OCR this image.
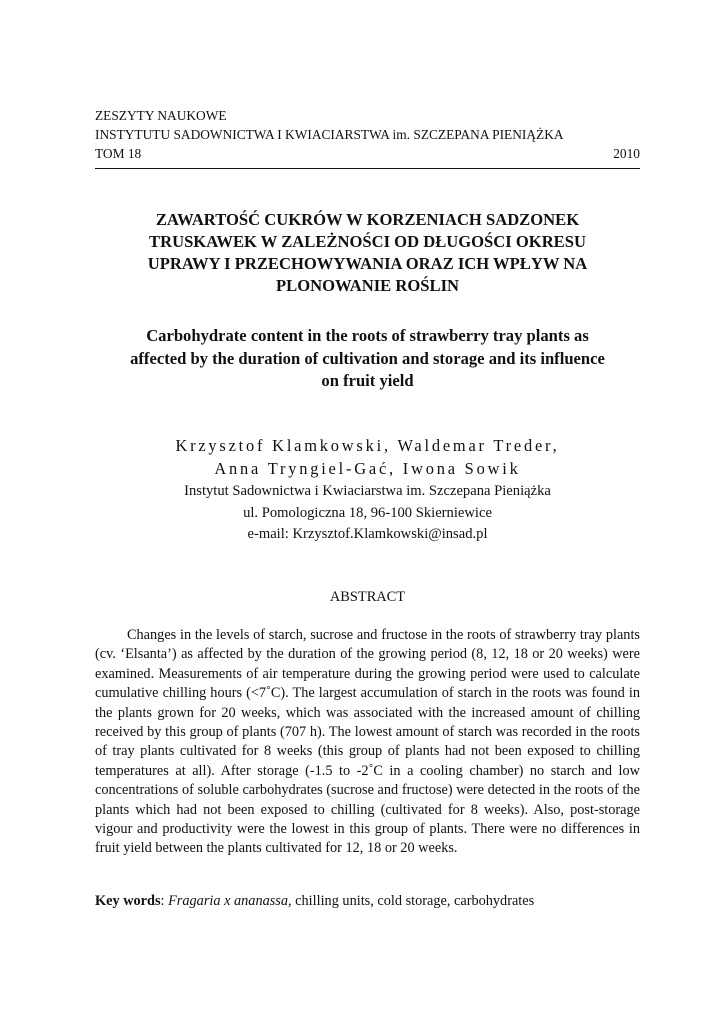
ZESZYTY NAUKOWE
INSTYTUTU SADOWNICTWA I KWIACIARSTWA im. SZCZEPANA PIENIĄŻKA
TOM 18	2010
ZAWARTOŚĆ CUKRÓW W KORZENIACH SADZONEK
TRUSKAWEK W ZALEŻNOŚCI OD DŁUGOŚCI OKRESU
UPRAWY I PRZECHOWYWANIA ORAZ ICH WPŁYW NA
PLONOWANIE ROŚLIN
Carbohydrate content in the roots of strawberry tray plants as
affected by the duration of cultivation and storage and its influence
on fruit yield
Krzysztof Klamkowski, Waldemar Treder,
Anna Tryngiel-Gać, Iwona Sowik
Instytut Sadownictwa i Kwiaciarstwa im. Szczepana Pieniążka
ul. Pomologiczna 18, 96-100 Skierniewice
e-mail: Krzysztof.Klamkowski@insad.pl
ABSTRACT

Changes in the levels of starch, sucrose and fructose in the roots of strawberry tray plants (cv. ‘Elsanta’) as affected by the duration of the growing period (8, 12, 18 or 20 weeks) were examined. Measurements of air temperature during the growing period were used to calculate cumulative chilling hours (<7˚C). The largest accumulation of starch in the roots was found in the plants grown for 20 weeks, which was associated with the increased amount of chilling received by this group of plants (707 h). The lowest amount of starch was recorded in the roots of tray plants cultivated for 8 weeks (this group of plants had not been exposed to chilling temperatures at all). After storage (-1.5 to -2˚C in a cooling chamber) no starch and low concentrations of soluble carbohydrates (sucrose and fructose) were detected in the roots of the plants which had not been exposed to chilling (cultivated for 8 weeks). Also, post-storage vigour and productivity were the lowest in this group of plants. There were no differences in fruit yield between the plants cultivated for 12, 18 or 20 weeks.

Key words: Fragaria x ananassa, chilling units, cold storage, carbohydrates
